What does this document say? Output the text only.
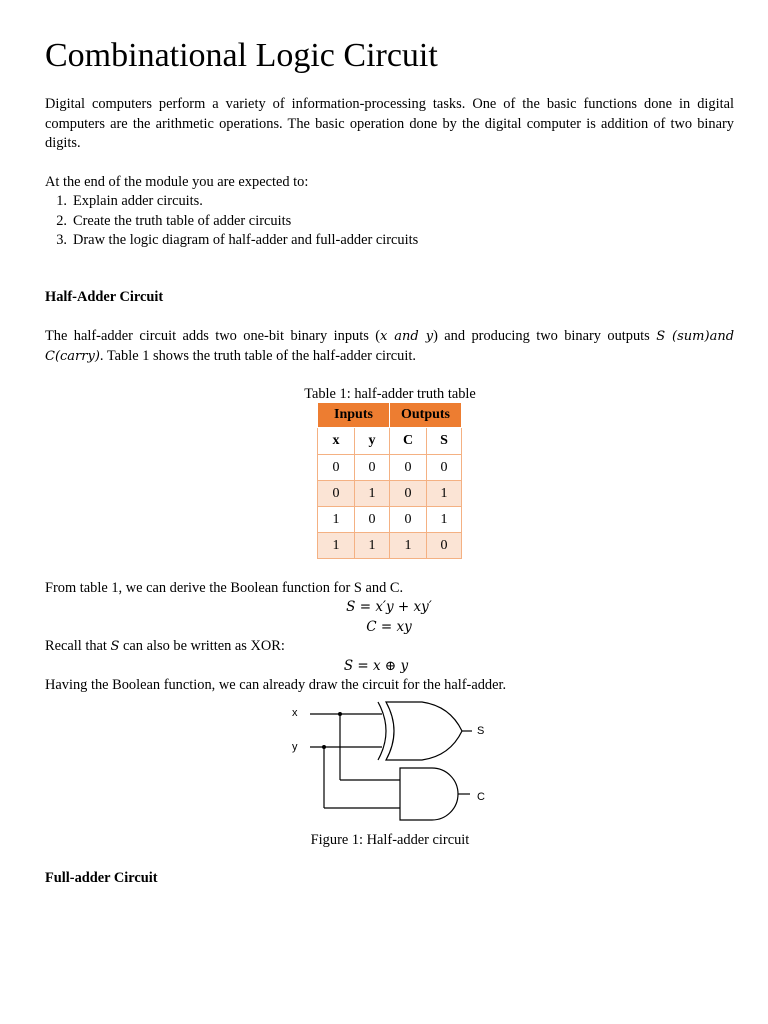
Combinational Logic Circuit
Digital computers perform a variety of information-processing tasks. One of the basic functions done in digital computers are the arithmetic operations. The basic operation done by the digital computer is addition of two binary digits.
At the end of the module you are expected to:
1. Explain adder circuits.
2. Create the truth table of adder circuits
3. Draw the logic diagram of half-adder and full-adder circuits
Half-Adder Circuit
The half-adder circuit adds two one-bit binary inputs (x and y) and producing two binary outputs S (sum)and C(carry). Table 1 shows the truth table of the half-adder circuit.
Table 1: half-adder truth table
Inputs		Outputs	
x	y	C	S
0	0	0	0
0	1	0	1
1	0	0	1
1	1	1	0
From table 1, we can derive the Boolean function for S and C.
S = x′y + xy′
C = xy
Recall that S can also be written as XOR:
S = x ⊕ y
Having the Boolean function, we can already draw the circuit for the half-adder.
x
y
S
C
Figure 1: Half-adder circuit
Full-adder Circuit
